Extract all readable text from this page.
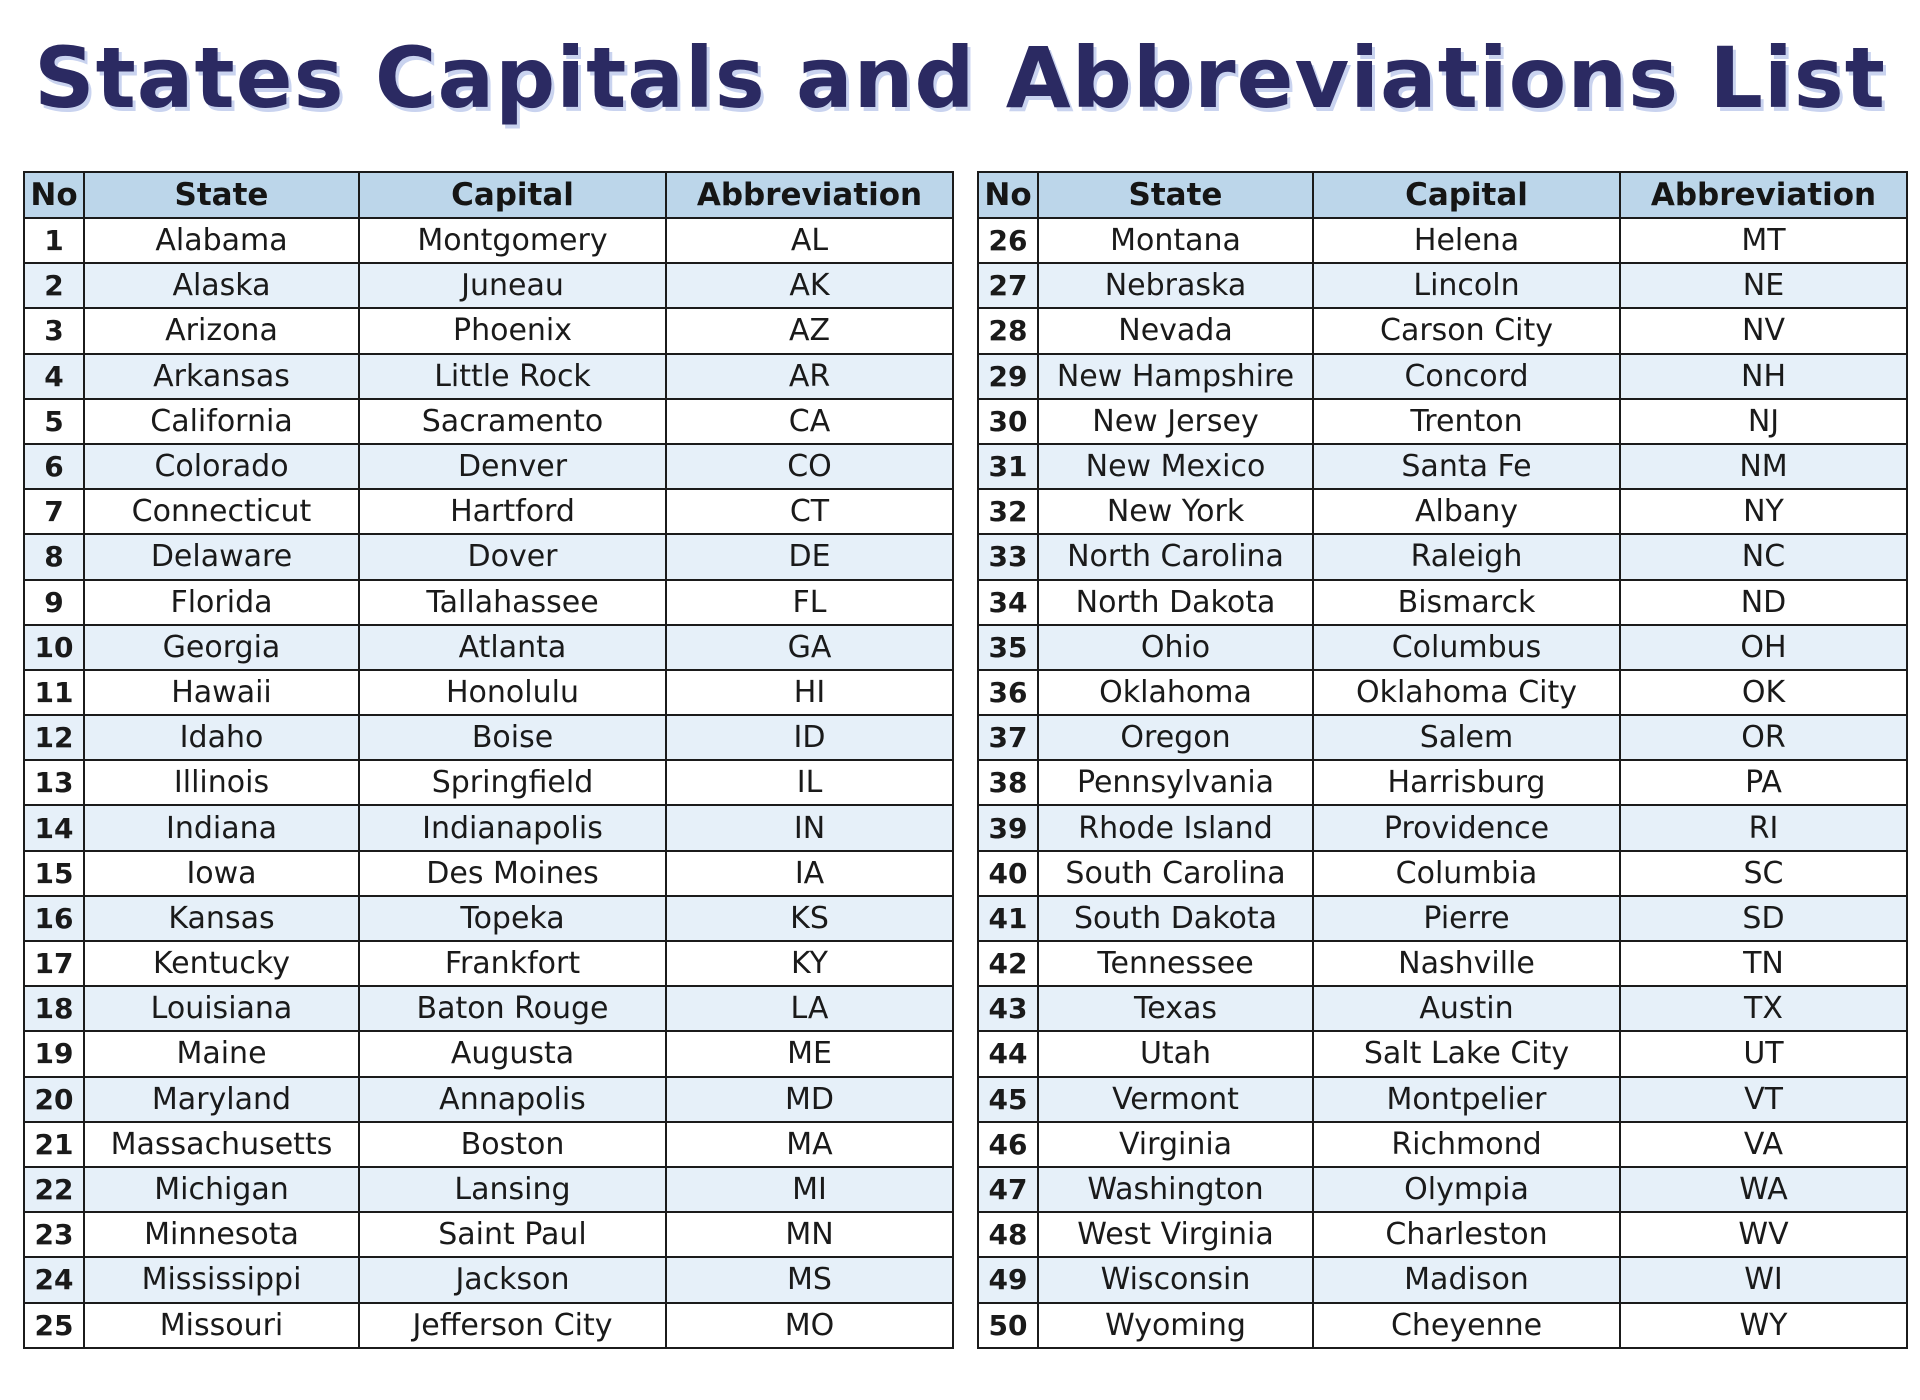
States Capitals and Abbreviations List
No	State	Capital	Abbreviation
1	Alabama	Montgomery	AL
2	Alaska	Juneau	AK
3	Arizona	Phoenix	AZ
4	Arkansas	Little Rock	AR
5	California	Sacramento	CA
6	Colorado	Denver	CO
7	Connecticut	Hartford	CT
8	Delaware	Dover	DE
9	Florida	Tallahassee	FL
10	Georgia	Atlanta	GA
11	Hawaii	Honolulu	HI
12	Idaho	Boise	ID
13	Illinois	Springfield	IL
14	Indiana	Indianapolis	IN
15	Iowa	Des Moines	IA
16	Kansas	Topeka	KS
17	Kentucky	Frankfort	KY
18	Louisiana	Baton Rouge	LA
19	Maine	Augusta	ME
20	Maryland	Annapolis	MD
21	Massachusetts	Boston	MA
22	Michigan	Lansing	MI
23	Minnesota	Saint Paul	MN
24	Mississippi	Jackson	MS
25	Missouri	Jefferson City	MO
No	State	Capital	Abbreviation
26	Montana	Helena	MT
27	Nebraska	Lincoln	NE
28	Nevada	Carson City	NV
29	New Hampshire	Concord	NH
30	New Jersey	Trenton	NJ
31	New Mexico	Santa Fe	NM
32	New York	Albany	NY
33	North Carolina	Raleigh	NC
34	North Dakota	Bismarck	ND
35	Ohio	Columbus	OH
36	Oklahoma	Oklahoma City	OK
37	Oregon	Salem	OR
38	Pennsylvania	Harrisburg	PA
39	Rhode Island	Providence	RI
40	South Carolina	Columbia	SC
41	South Dakota	Pierre	SD
42	Tennessee	Nashville	TN
43	Texas	Austin	TX
44	Utah	Salt Lake City	UT
45	Vermont	Montpelier	VT
46	Virginia	Richmond	VA
47	Washington	Olympia	WA
48	West Virginia	Charleston	WV
49	Wisconsin	Madison	WI
50	Wyoming	Cheyenne	WY
